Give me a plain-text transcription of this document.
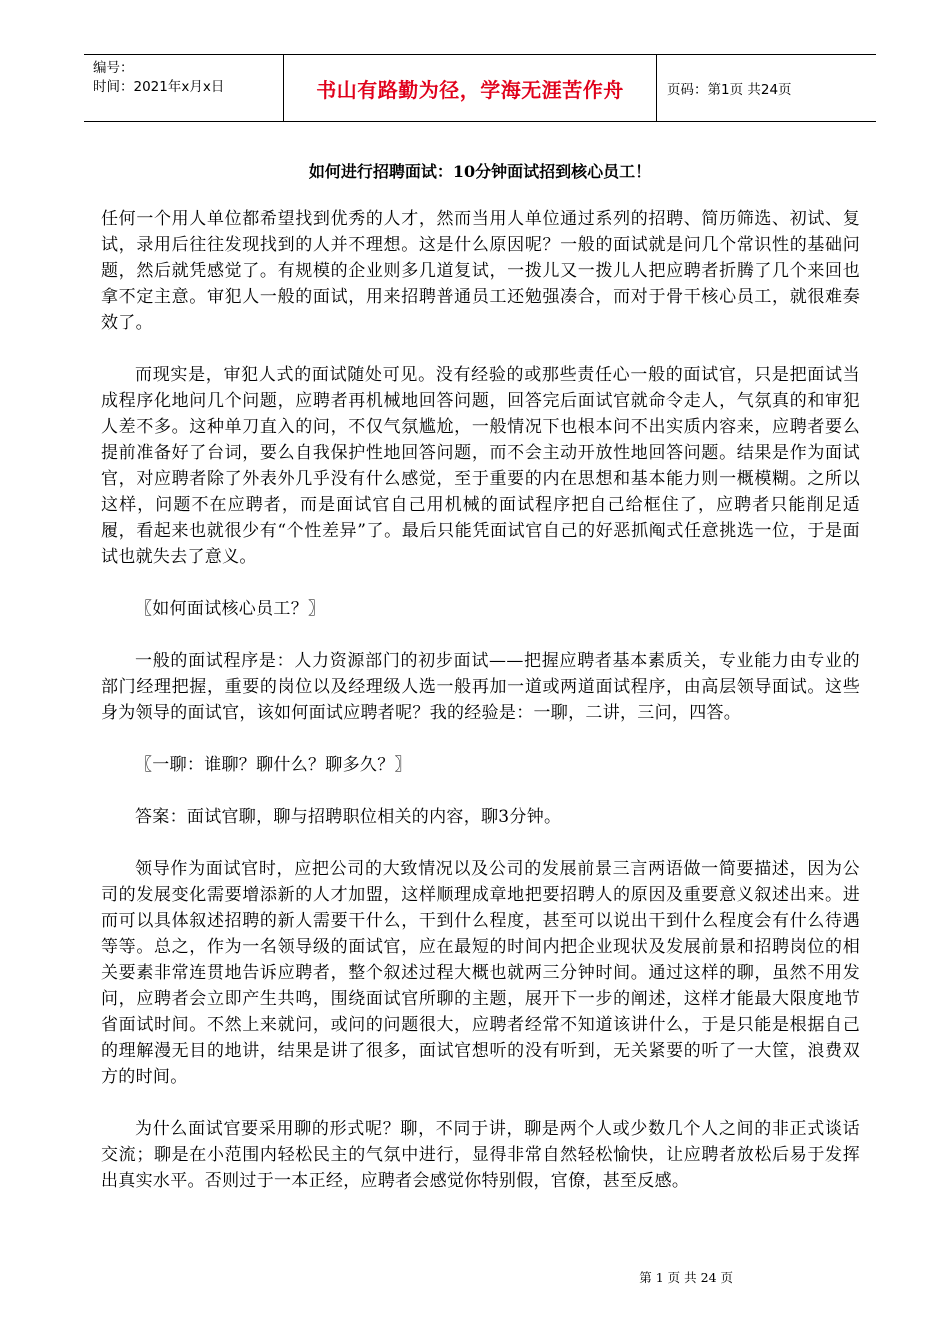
编号：
时间：2021年x月x日	书山有路勤为径，学海无涯苦作舟	页码：第1页 共24页
如何进行招聘面试：10分钟面试招到核心员工！

任何一个用人单位都希望找到优秀的人才，然而当用人单位通过系列的招聘、简历筛选、初试、复试，录用后往往发现找到的人并不理想。这是什么原因呢？一般的面试就是问几个常识性的基础问题，然后就凭感觉了。有规模的企业则多几道复试，一拨儿又一拨儿人把应聘者折腾了几个来回也拿不定主意。审犯人一般的面试，用来招聘普通员工还勉强凑合，而对于骨干核心员工，就很难奏效了。

而现实是，审犯人式的面试随处可见。没有经验的或那些责任心一般的面试官，只是把面试当成程序化地问几个问题，应聘者再机械地回答问题，回答完后面试官就命令走人，气氛真的和审犯人差不多。这种单刀直入的问，不仅气氛尴尬，一般情况下也根本问不出实质内容来，应聘者要么提前准备好了台词，要么自我保护性地回答问题，而不会主动开放性地回答问题。结果是作为面试官，对应聘者除了外表外几乎没有什么感觉，至于重要的内在思想和基本能力则一概模糊。之所以这样，问题不在应聘者，而是面试官自己用机械的面试程序把自己给框住了，应聘者只能削足适履，看起来也就很少有“个性差异”了。最后只能凭面试官自己的好恶抓阄式任意挑选一位，于是面试也就失去了意义。

〖如何面试核心员工？〗

一般的面试程序是：人力资源部门的初步面试——把握应聘者基本素质关，专业能力由专业的部门经理把握，重要的岗位以及经理级人选一般再加一道或两道面试程序，由高层领导面试。这些身为领导的面试官，该如何面试应聘者呢？我的经验是：一聊，二讲，三问，四答。

〖一聊：谁聊？聊什么？聊多久？〗

答案：面试官聊，聊与招聘职位相关的内容，聊3分钟。

领导作为面试官时，应把公司的大致情况以及公司的发展前景三言两语做一简要描述，因为公司的发展变化需要增添新的人才加盟，这样顺理成章地把要招聘人的原因及重要意义叙述出来。进而可以具体叙述招聘的新人需要干什么，干到什么程度，甚至可以说出干到什么程度会有什么待遇等等。总之，作为一名领导级的面试官，应在最短的时间内把企业现状及发展前景和招聘岗位的相关要素非常连贯地告诉应聘者，整个叙述过程大概也就两三分钟时间。通过这样的聊，虽然不用发问，应聘者会立即产生共鸣，围绕面试官所聊的主题，展开下一步的阐述，这样才能最大限度地节省面试时间。不然上来就问，或问的问题很大，应聘者经常不知道该讲什么，于是只能是根据自己的理解漫无目的地讲，结果是讲了很多，面试官想听的没有听到，无关紧要的听了一大筐，浪费双方的时间。

为什么面试官要采用聊的形式呢？聊，不同于讲，聊是两个人或少数几个人之间的非正式谈话交流；聊是在小范围内轻松民主的气氛中进行，显得非常自然轻松愉快，让应聘者放松后易于发挥出真实水平。否则过于一本正经，应聘者会感觉你特别假，官僚，甚至反感。

第 1 页 共 24 页
